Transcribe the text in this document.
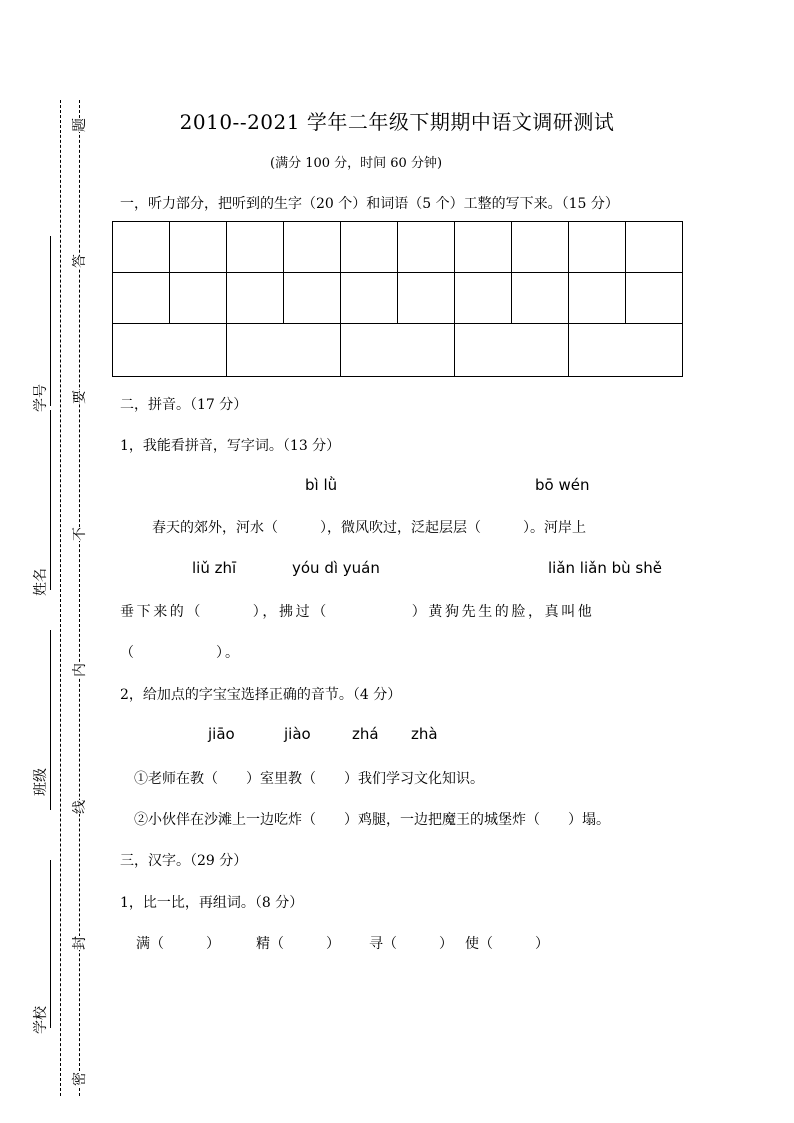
题
答
要
不
内
线
封
密
学号
姓名
班级
学校
2010--2021 学年二年级下期期中语文调研测试
(满分 100 分，时间 60 分钟)
一，听力部分，把听到的生字（20 个）和词语（5 个）工整的写下来。（15 分）

二，拼音。（17 分）
1，我能看拼音，写字词。（13 分）
bì lǜ	bō wén
春天的郊外，河水（　　　），微风吹过，泛起层层（　　　）。河岸上
liǔ zhī	yóu dì yuán	liǎn liǎn bù shě
垂下来的（　　　），拂过（　　　　　）黄狗先生的脸，真叫他
（　　　　　）。
2，给加点的字宝宝选择正确的音节。（4 分）
jiāo	jiào	zhá zhà
①老师在教（　　）室里教（　　）我们学习文化知识。
②小伙伴在沙滩上一边吃炸（　　）鸡腿，一边把魔王的城堡炸（　　）塌。
三，汉字。（29 分）
1，比一比，再组词。（8 分）
满（　　　）	精（　　　） 寻（　　　） 使（　　　）
